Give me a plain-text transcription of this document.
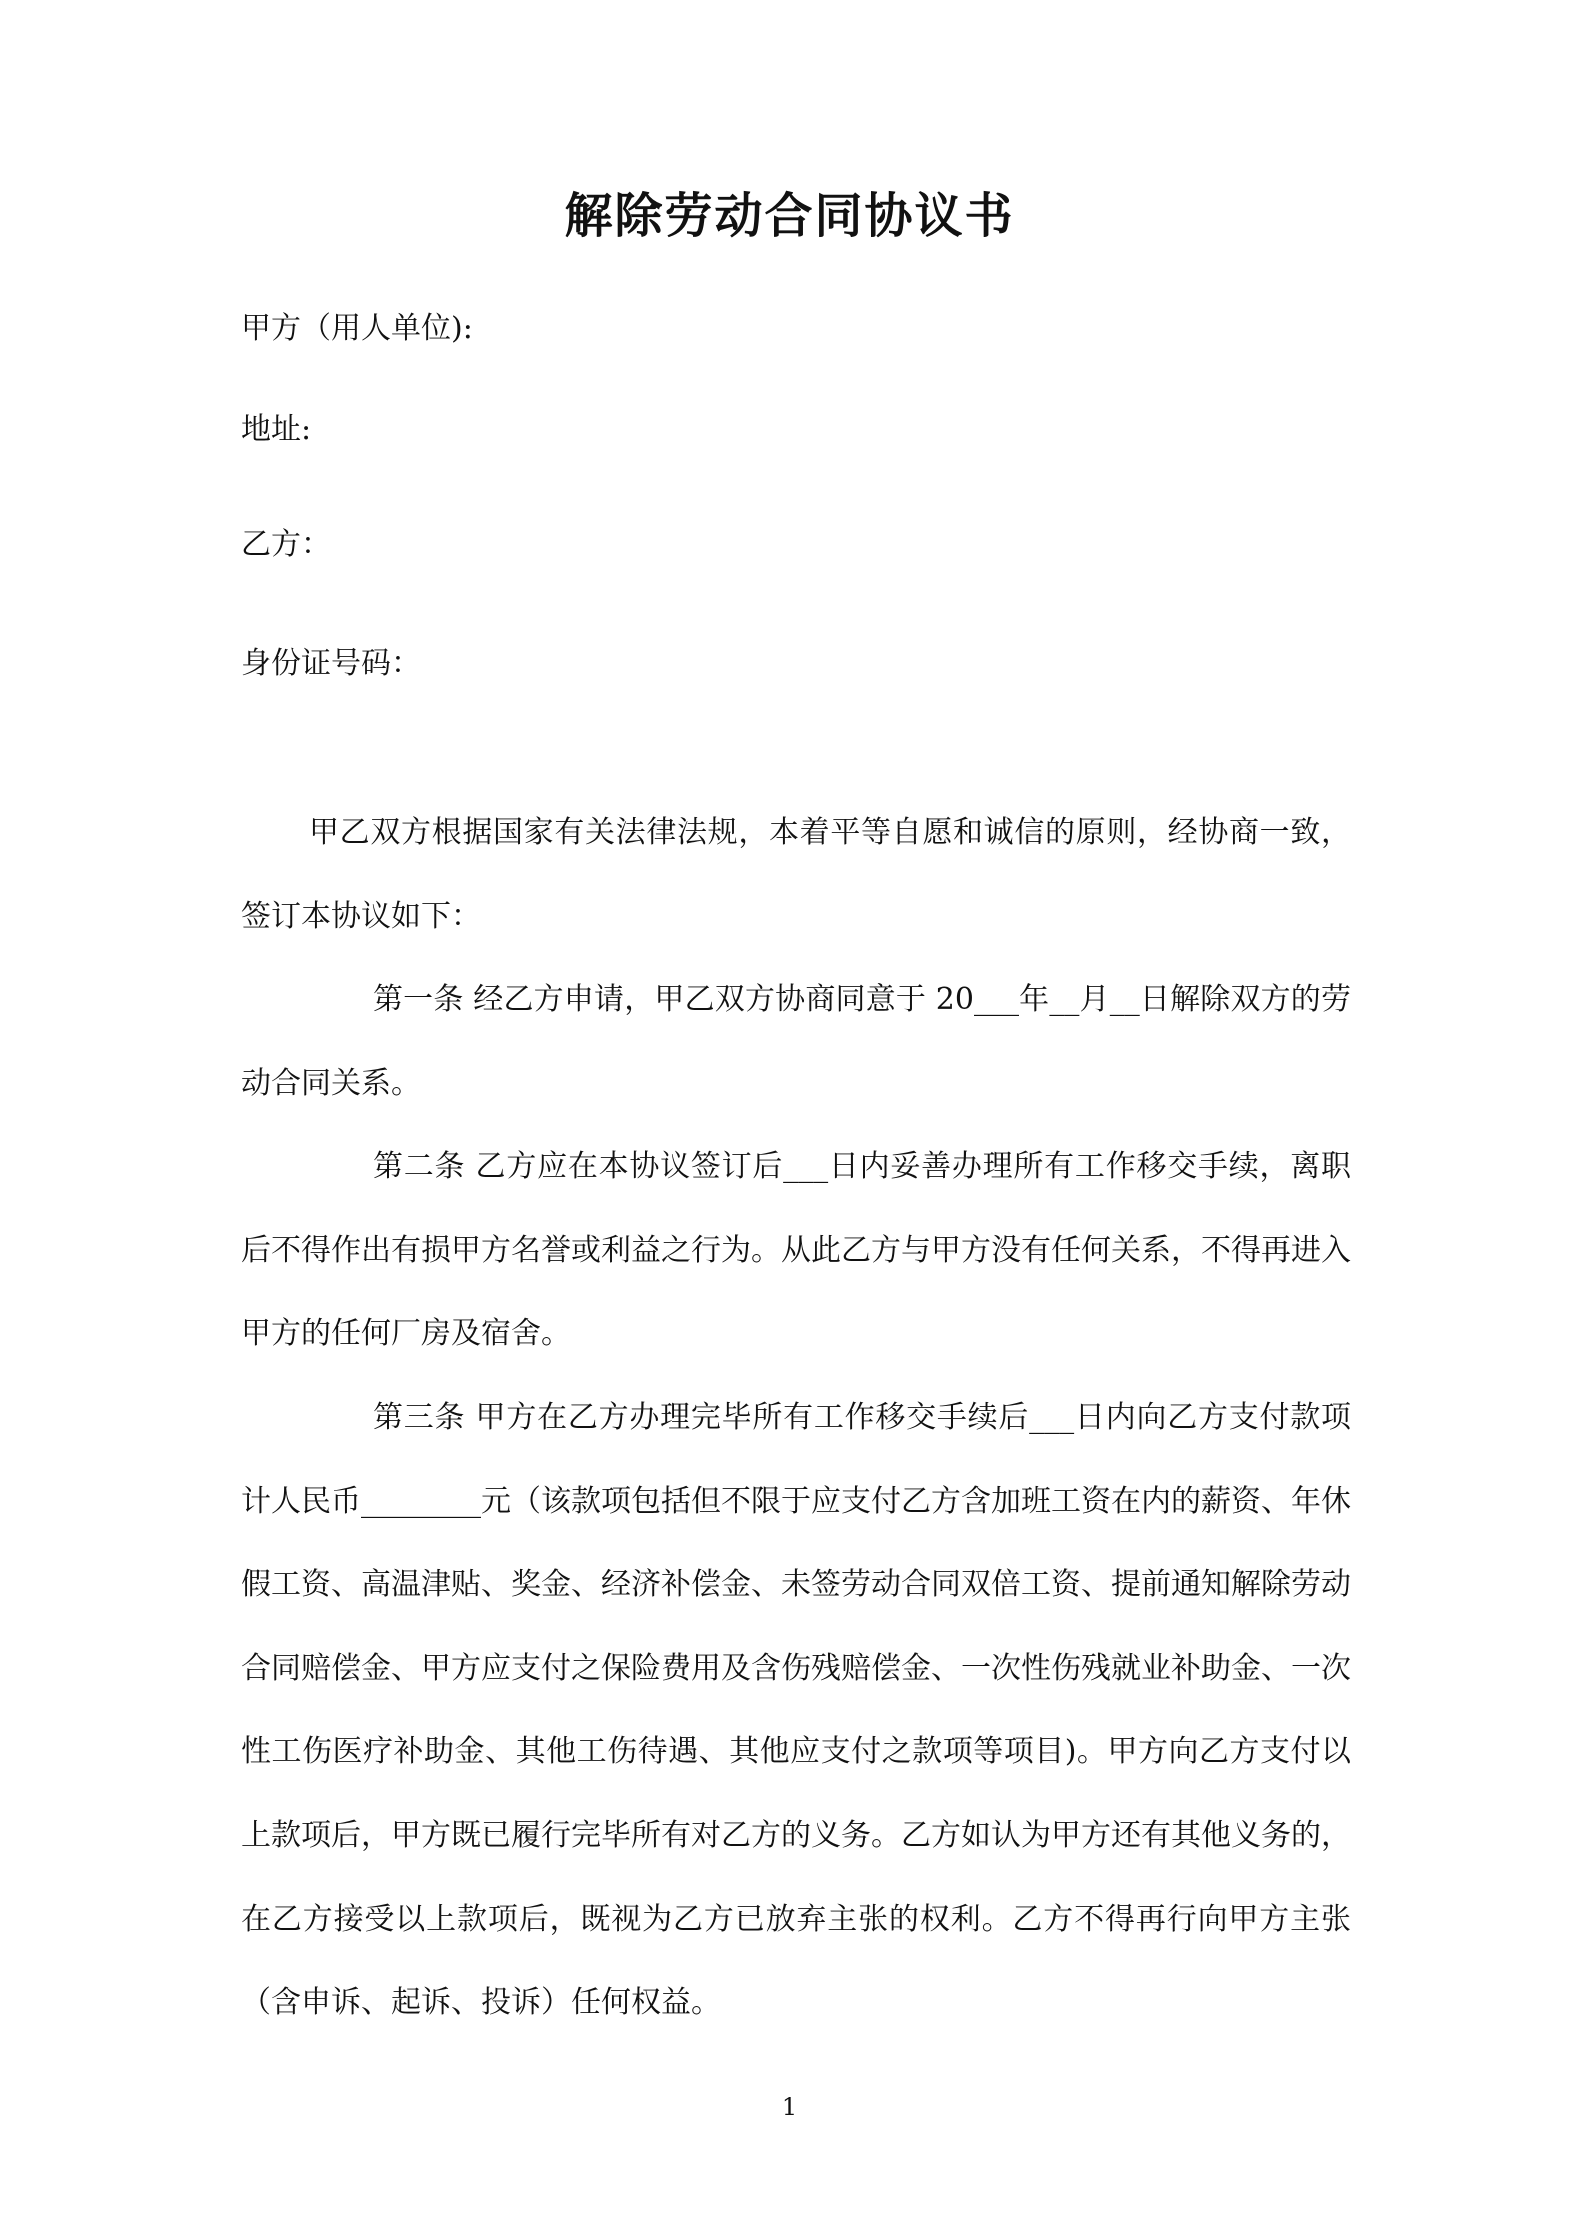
解除劳动合同协议书
甲方（用人单位):
地址:
乙方：
身份证号码：

甲乙双方根据国家有关法律法规，本着平等自愿和诚信的原则，经协商一致，签订本协议如下：

第一条 经乙方申请，甲乙双方协商同意于 20___年__月__日解除双方的劳动合同关系。

第二条 乙方应在本协议签订后___日内妥善办理所有工作移交手续，离职后不得作出有损甲方名誉或利益之行为。从此乙方与甲方没有任何关系，不得再进入甲方的任何厂房及宿舍。

第三条 甲方在乙方办理完毕所有工作移交手续后___日内向乙方支付款项计人民币________元（该款项包括但不限于应支付乙方含加班工资在内的薪资、年休假工资、高温津贴、奖金、经济补偿金、未签劳动合同双倍工资、提前通知解除劳动合同赔偿金、甲方应支付之保险费用及含伤残赔偿金、一次性伤残就业补助金、一次性工伤医疗补助金、其他工伤待遇、其他应支付之款项等项目)。甲方向乙方支付以上款项后，甲方既已履行完毕所有对乙方的义务。乙方如认为甲方还有其他义务的，在乙方接受以上款项后，既视为乙方已放弃主张的权利。乙方不得再行向甲方主张（含申诉、起诉、投诉）任何权益。

1
